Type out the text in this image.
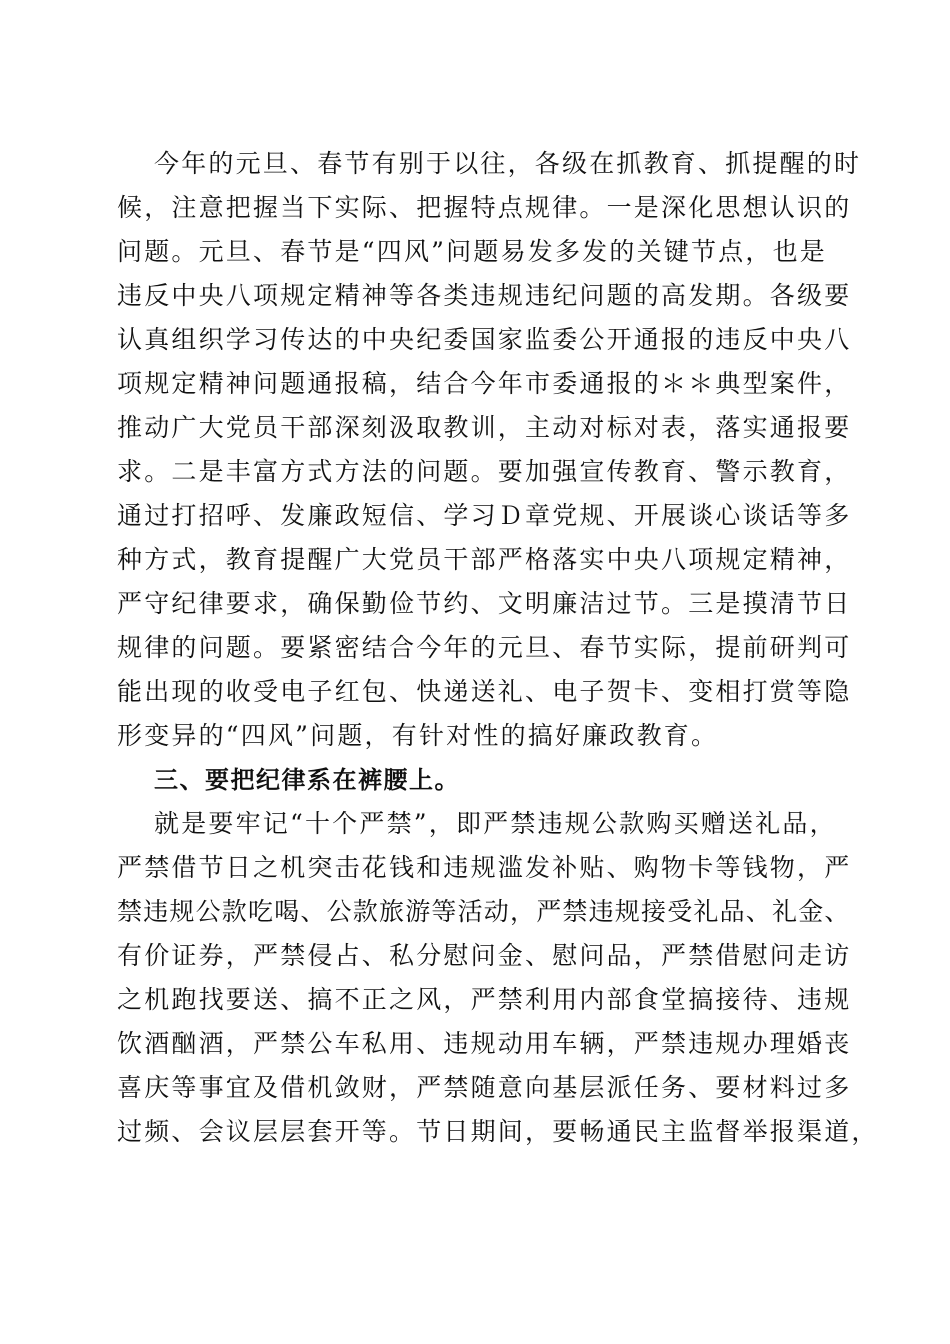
今年的元旦、春节有别于以往，各级在抓教育、抓提醒的时
候，注意把握当下实际、把握特点规律。一是深化思想认识的
问题。元旦、春节是“四风”问题易发多发的关键节点，也是
违反中央八项规定精神等各类违规违纪问题的高发期。各级要
认真组织学习传达的中央纪委国家监委公开通报的违反中央八
项规定精神问题通报稿，结合今年市委通报的＊＊典型案件，
推动广大党员干部深刻汲取教训，主动对标对表，落实通报要
求。二是丰富方式方法的问题。要加强宣传教育、警示教育，
通过打招呼、发廉政短信、学习Ｄ章党规、开展谈心谈话等多
种方式，教育提醒广大党员干部严格落实中央八项规定精神，
严守纪律要求，确保勤俭节约、文明廉洁过节。三是摸清节日
规律的问题。要紧密结合今年的元旦、春节实际，提前研判可
能出现的收受电子红包、快递送礼、电子贺卡、变相打赏等隐
形变异的“四风”问题，有针对性的搞好廉政教育。
三、要把纪律系在裤腰上。
就是要牢记“十个严禁”，即严禁违规公款购买赠送礼品，
严禁借节日之机突击花钱和违规滥发补贴、购物卡等钱物，严
禁违规公款吃喝、公款旅游等活动，严禁违规接受礼品、礼金、
有价证券，严禁侵占、私分慰问金、慰问品，严禁借慰问走访
之机跑找要送、搞不正之风，严禁利用内部食堂搞接待、违规
饮酒酗酒，严禁公车私用、违规动用车辆，严禁违规办理婚丧
喜庆等事宜及借机敛财，严禁随意向基层派任务、要材料过多
过频、会议层层套开等。节日期间，要畅通民主监督举报渠道，
